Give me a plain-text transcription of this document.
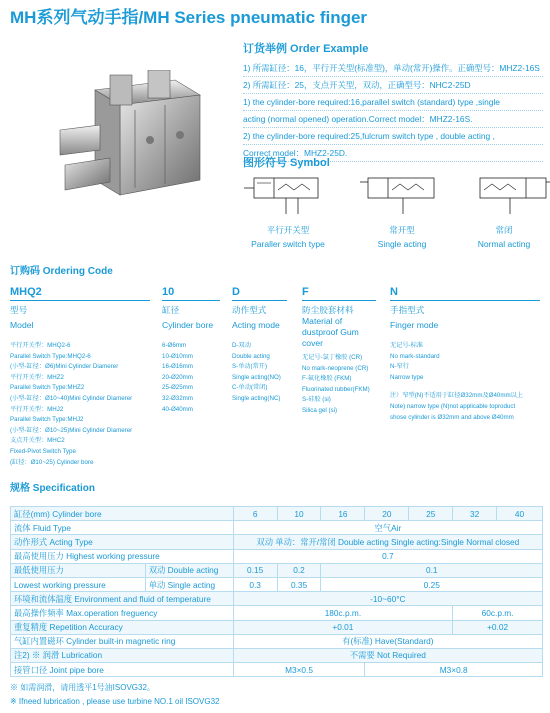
MH系列气动手指/MH Series pneumatic finger
订货举例 Order Example
1) 所需缸径：16，平行开关型(标准型)，单动(常开)操作。正确型号：MHZ2-16S
2) 所需缸径：25，支点开关型，双动，正确型号：NHC2-25D
1) the cylinder-bore required:16,parallel switch (standard) type ,single
acting (normal opened) operation.Correct model：MHZ2-16S.
2) the cylinder-bore required:25,fulcrum switch type , double acting ,
Correct model：MHZ2-25D.
图形符号 Symbol
平行开关型
Paraller switch type
常开型
Single acting
常闭
Normal acting
订购码 Ordering Code
MHQ2
型号
Model
平行开关型：MHQ2-6
Parallel Switch Type:MHQ2-6
(小型-缸径：Ø6)Mini Cylinder Diamerer
平行开关型：MHZ2
Parallel Switch Type:MHZ2
(小型-缸径：Ø10~40)Mini Cylinder Diamerer
平行开关型：MHJ2
Parallel Switch Type:MHJ2
(小型-缸径：Ø10~25)Mini Cylinder Diamerer
支点开关型：MHC2
Fixed-Pivot Switch Type
(缸径：Ø10~25) Cylinder bore
10
缸径
Cylinder bore
6-Ø6mm
10-Ø10mm
16-Ø16mm
20-Ø20mm
25-Ø25mm
32-Ø32mm
40-Ø40mm
D
动作型式
Acting mode
D-双动
Double acting
S-单动(常开)
Single acting(NO)
C-单动(常闭)
Single acting(NC)
F
防尘胶套材料
Material of dustproof Gum cover
无记号-氯丁橡胶 (CR)
No mark-neoprene (CR)
F-氟化橡胶 (FKM)
Fluorinated rubber(FKM)
S-硅胶 (si)
Silica gel (si)
N
手指型式
Finger mode
无记号-标准
No mark-standard
N-窄行
Narrow type
注）窄型(N)不适用于缸径Ø32mm及Ø40mm以上
Note) narrow type (N)not applicable toproduct
shose cylinder is Ø32mm and above Ø40mm
规格 Specification
缸径(mm) Cylinder bore		6	10	16	20	25	32	40
流体 Fluid Type		空气Air						
动作形式 Acting Type		双动 单动：常开/常闭 Double acting Single acting:Single Normal closed						
最高使用压力 Highest working pressure		0.7						
最低使用压力	双动 Double acting	0.15	0.2	0.1				
Lowest working pressure	单动 Single acting	0.3	0.35	0.25				
环境和流体温度 Environment and fluid of temperature		-10~60°C						
最高操作频率 Max.operation freguency		180c.p.m.					60c.p.m.	
重复精度 Repetition Accuracy		+0.01					+0.02	
气缸内置磁环 Cylinder built-in magnetic ring		有(标准) Have(Standard)						
注2) ※ 润滑 Lubrication		不需要 Not Required						
接管口径 Joint pipe bore		M3×0.5			M3×0.8			
※ 如需润滑，请用透平1号油ISOVG32。
※ Ifneed lubrication , please use turbine NO.1 oil ISOVG32
